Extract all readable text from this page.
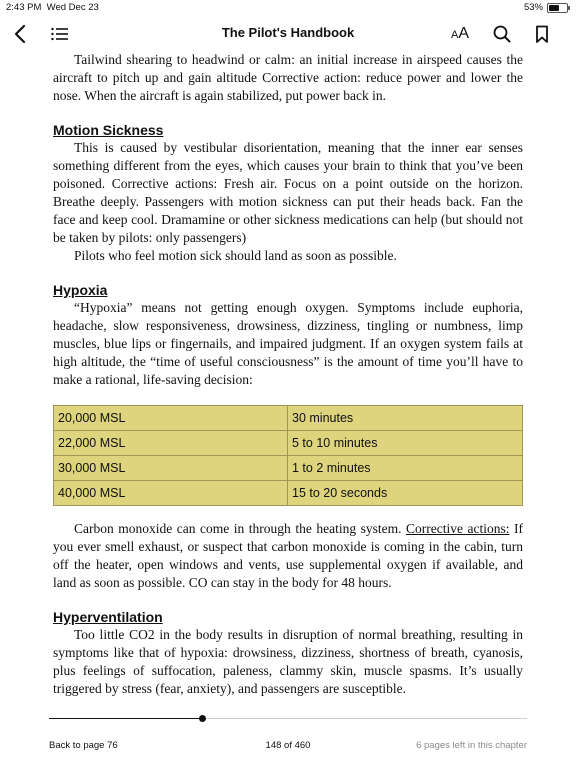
2:43 PM Wed Dec 23	53%
The Pilot's Handbook	AA

Tailwind shearing to headwind or calm: an initial increase in airspeed causes the aircraft to pitch up and gain altitude Corrective action: reduce power and lower the nose. When the aircraft is again stabilized, put power back in.

Motion Sickness

This is caused by vestibular disorientation, meaning that the inner ear senses something different from the eyes, which causes your brain to think that you’ve been poisoned. Corrective actions: Fresh air. Focus on a point outside on the horizon. Breathe deeply. Passengers with motion sickness can put their heads back. Fan the face and keep cool. Dramamine or other sickness medications can help (but should not be taken by pilots: only passengers)

Pilots who feel motion sick should land as soon as possible.

Hypoxia

“Hypoxia” means not getting enough oxygen. Symptoms include euphoria, headache, slow responsiveness, drowsiness, dizziness, tingling or numbness, limp muscles, blue lips or fingernails, and impaired judgment. If an oxygen system fails at high altitude, the “time of useful consciousness” is the amount of time you’ll have to make a rational, life-saving decision:

20,000 MSL	30 minutes
22,000 MSL	5 to 10 minutes
30,000 MSL	1 to 2 minutes
40,000 MSL	15 to 20 seconds

Carbon monoxide can come in through the heating system. Corrective actions: If you ever smell exhaust, or suspect that carbon monoxide is coming in the cabin, turn off the heater, open windows and vents, use supplemental oxygen if available, and land as soon as possible. CO can stay in the body for 48 hours.

Hyperventilation

Too little CO2 in the body results in disruption of normal breathing, resulting in symptoms like that of hypoxia: drowsiness, dizziness, shortness of breath, cyanosis, plus feelings of suffocation, paleness, clammy skin, muscle spasms. It’s usually triggered by stress (fear, anxiety), and passengers are susceptible.

Back to page 76	148 of 460	6 pages left in this chapter
